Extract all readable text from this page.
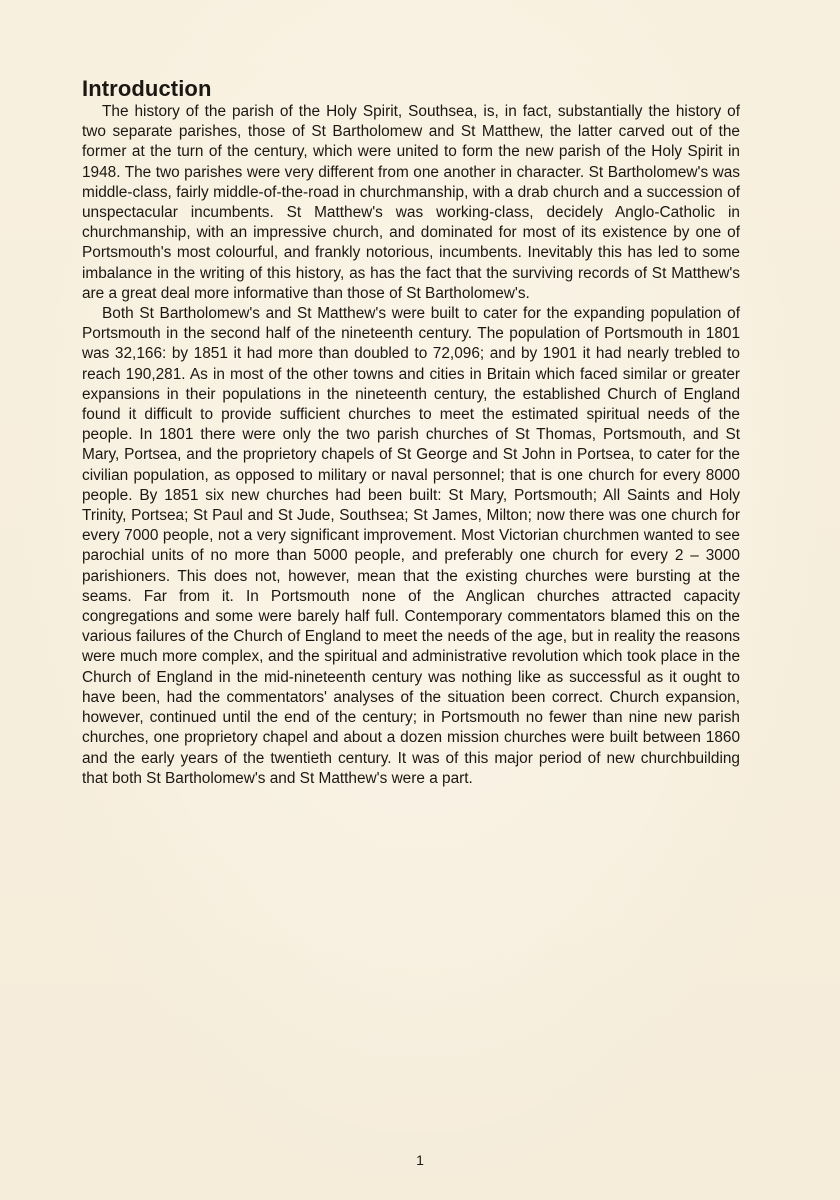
Introduction

The history of the parish of the Holy Spirit, Southsea, is, in fact, substantially the history of two separate parishes, those of St Bartholomew and St Matthew, the latter carved out of the former at the turn of the century, which were united to form the new parish of the Holy Spirit in 1948. The two parishes were very different from one another in character. St Bartholomew's was middle-class, fairly middle-of-the-road in churchmanship, with a drab church and a succession of unspectacular incumbents. St Matthew's was working-class, decidely Anglo-Catholic in churchmanship, with an impressive church, and dominated for most of its existence by one of Portsmouth's most colourful, and frankly notorious, incumbents. Inevitably this has led to some imbalance in the writing of this history, as has the fact that the surviving records of St Matthew's are a great deal more informative than those of St Bartholomew's.

Both St Bartholomew's and St Matthew's were built to cater for the expanding population of Portsmouth in the second half of the nineteenth century. The population of Portsmouth in 1801 was 32,166: by 1851 it had more than doubled to 72,096; and by 1901 it had nearly trebled to reach 190,281. As in most of the other towns and cities in Britain which faced similar or greater expansions in their populations in the nineteenth century, the established Church of England found it difficult to provide sufficient churches to meet the estimated spiritual needs of the people. In 1801 there were only the two parish churches of St Thomas, Portsmouth, and St Mary, Portsea, and the proprietory chapels of St George and St John in Portsea, to cater for the civilian population, as opposed to military or naval personnel; that is one church for every 8000 people. By 1851 six new churches had been built: St Mary, Portsmouth; All Saints and Holy Trinity, Portsea; St Paul and St Jude, Southsea; St James, Milton; now there was one church for every 7000 people, not a very significant improvement. Most Victorian churchmen wanted to see parochial units of no more than 5000 people, and preferably one church for every 2 – 3000 parishioners. This does not, however, mean that the existing churches were bursting at the seams. Far from it. In Portsmouth none of the Anglican churches attracted capacity congregations and some were barely half full. Contemporary commentators blamed this on the various failures of the Church of England to meet the needs of the age, but in reality the reasons were much more complex, and the spiritual and administrative revolution which took place in the Church of England in the mid-nineteenth century was nothing like as successful as it ought to have been, had the commentators' analyses of the situation been correct. Church expansion, however, continued until the end of the century; in Portsmouth no fewer than nine new parish churches, one proprietory chapel and about a dozen mission churches were built between 1860 and the early years of the twentieth century. It was of this major period of new churchbuilding that both St Bartholomew's and St Matthew's were a part.

1
